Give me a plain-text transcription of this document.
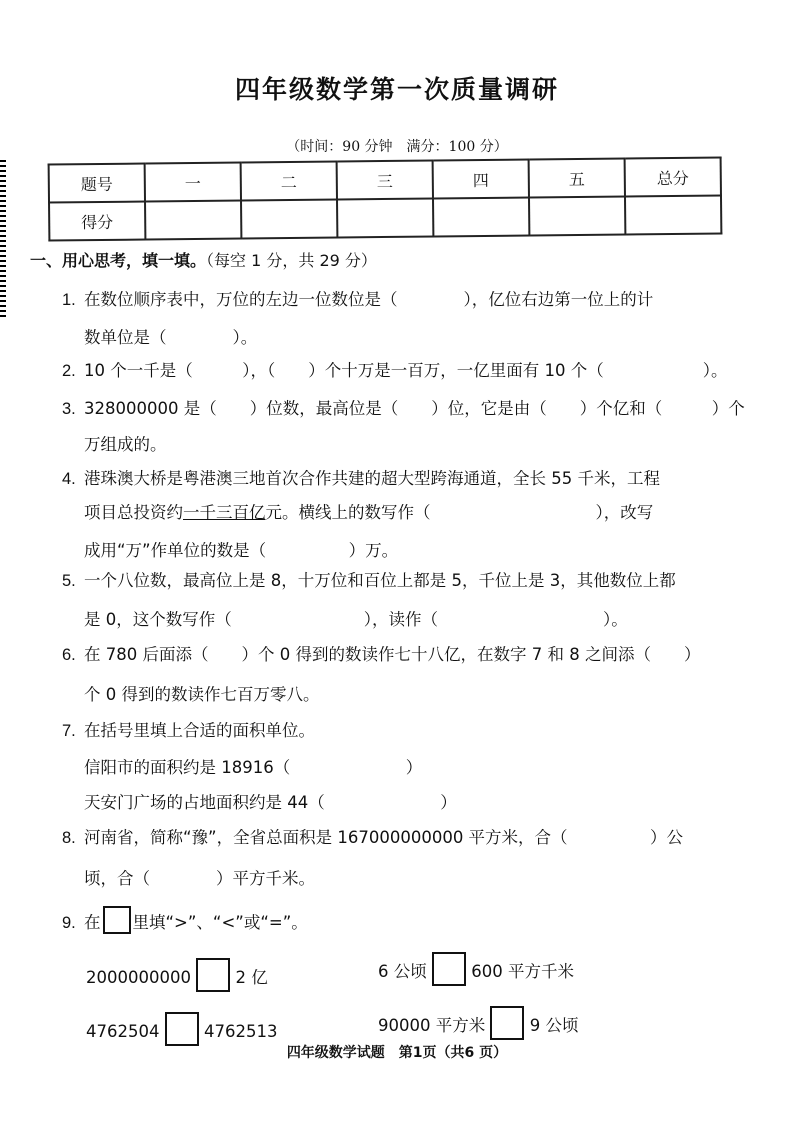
四年级数学第一次质量调研
（时间：90 分钟　满分：100 分）
题号	一	二	三	四	五	总分
得分						
一、用心思考，填一填。（每空 1 分，共 29 分）
1. 在数位顺序表中，万位的左边一位数位是（　　　　），亿位右边第一位上的计
数单位是（　　　　）。
2. 10 个一千是（　　　），（　　）个十万是一百万，一亿里面有 10 个（　　　　　　）。
3. 328000000 是（　　）位数，最高位是（　　）位，它是由（　　）个亿和（　　　）个
万组成的。
4. 港珠澳大桥是粤港澳三地首次合作共建的超大型跨海通道，全长 55 千米，工程
项目总投资约一千三百亿元。横线上的数写作（　　　　　　　　　　），改写
成用“万”作单位的数是（　　　　　）万。
5. 一个八位数，最高位上是 8，十万位和百位上都是 5，千位上是 3，其他数位上都
是 0，这个数写作（　　　　　　　　），读作（　　　　　　　　　　）。
6. 在 780 后面添（　　）个 0 得到的数读作七十八亿，在数字 7 和 8 之间添（　　）
个 0 得到的数读作七百万零八。
7. 在括号里填上合适的面积单位。
信阳市的面积约是 18916（　　　　　　　）
天安门广场的占地面积约是 44（　　　　　　　）
8. 河南省，简称“豫”，全省总面积是 167000000000 平方米，合（　　　　　）公
顷，合（　　　　）平方千米。
9. 在 里填“>”、“<”或“=”。
2000000000	2 亿	6 公顷	600 平方千米
4762504	4762513	90000 平方米	9 公顷
四年级数学试题　第1页（共6 页）
